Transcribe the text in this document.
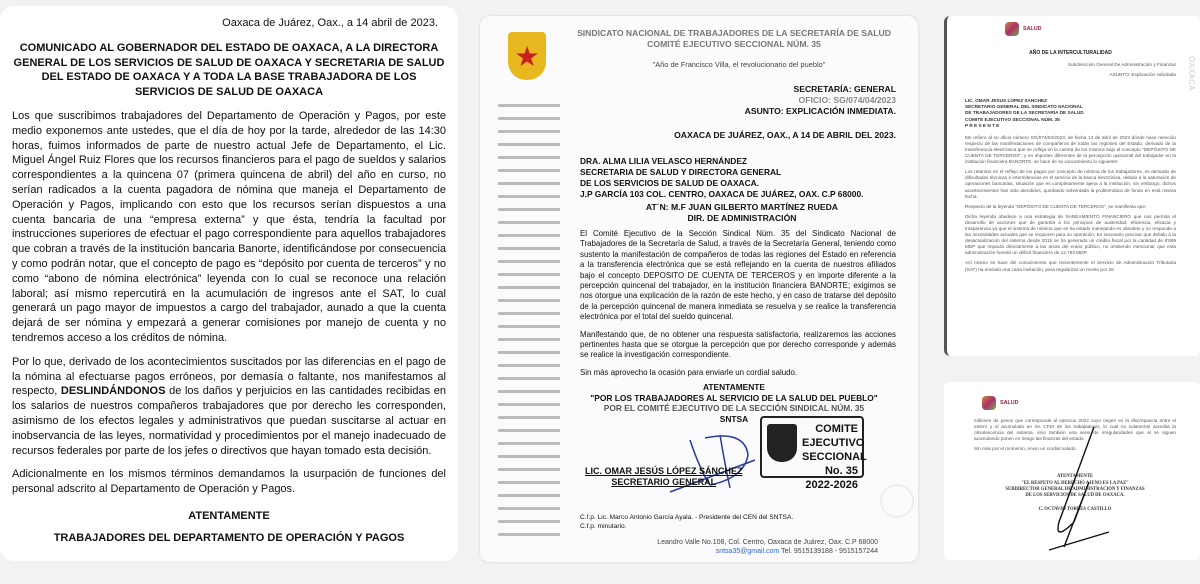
Oaxaca de Juárez, Oax., a 14 abril de 2023.
COMUNICADO AL GOBERNADOR DEL ESTADO DE OAXACA, A LA DIRECTORA GENERAL DE LOS SERVICIOS DE SALUD DE OAXACA Y SECRETARIA DE SALUD DEL ESTADO DE OAXACA Y A TODA LA BASE TRABAJADORA DE LOS SERVICIOS DE SALUD DE OAXACA

Los que suscribimos trabajadores del Departamento de Operación y Pagos, por este medio exponemos ante ustedes, que el día de hoy por la tarde, alrededor de las 14:30 horas, fuimos informados de parte de nuestro actual Jefe de Departamento, el Lic. Miguel Ángel Ruiz Flores que los recursos financieros para el pago de sueldos y salarios correspondientes a la quincena 07 (primera quincena de abril) del año en curso, no serían radicados a la cuenta pagadora de nómina que maneja el Departamento de Operación y Pagos, implicando con esto que los recursos serían dispuestos a una cuenta bancaria de una “empresa externa” y que ésta, tendría la facultad por instrucciones superiores de efectuar el pago correspondiente para aquellos trabajadores que cobran a través de la institución bancaria Banorte, identificándose por consecuencia y como podrán notar, que el concepto de pago es “depósito por cuenta de terceros” y no como “abono de nómina electrónica” leyenda con lo cual se reconoce una relación laboral; así mismo repercutirá en la acumulación de ingresos ante el SAT, lo cual generará un pago mayor de impuestos a cargo del trabajador, aunado a que la cuenta dejará de ser nómina y empezará a generar comisiones por manejo de cuenta y no tendremos acceso a los créditos de nómina.

Por lo que, derivado de los acontecimientos suscitados por las diferencias en el pago de la nómina al efectuarse pagos erróneos, por demasía o faltante, nos manifestamos al respecto, DESLINDÁNDONOS de los daños y perjuicios en las cantidades recibidas en los salarios de nuestros compañeros trabajadores que por derecho les corresponden, asimismo de los efectos legales y administrativos que puedan suscitarse al actuar en inobservancia de las leyes, normatividad y procedimientos por el manejo inadecuado de recursos federales por parte de los jefes o directivos que hayan tomado esta decisión.

Adicionalmente en los mismos términos demandamos la usurpación de funciones del personal adscrito al Departamento de Operación y Pagos.

ATENTAMENTE
TRABAJADORES DEL DEPARTAMENTO DE OPERACIÓN Y PAGOS
★
SINDICATO NACIONAL DE TRABAJADORES DE LA SECRETARÍA DE SALUD
COMITÉ EJECUTIVO SECCIONAL NÚM. 35
"Año de Francisco Villa, el revolucionario del pueblo"
SECRETARÍA: GENERAL
OFICIO: SG/074/04/2023
ASUNTO: EXPLICACIÓN INMEDIATA.
OAXACA DE JUÁREZ, OAX., A 14 DE ABRIL DEL 2023.
DRA. ALMA LILIA VELASCO HERNÁNDEZ
SECRETARIA DE SALUD Y DIRECTORA GENERAL
DE LOS SERVICIOS DE SALUD DE OAXACA.
J.P GARCÍA 103 COL. CENTRO, OAXACA DE JUÁREZ, OAX. C.P 68000.
AT´N: M.F JUAN GILBERTO MARTÍNEZ RUEDA
DIR. DE ADMINISTRACIÓN

El Comité Ejecutivo de la Sección Sindical Núm. 35 del Sindicato Nacional de Trabajadores de la Secretaría de Salud, a través de la Secretaría General, teniendo como sustento la manifestación de compañeros de todas las regiones del Estado en referencia a la transferencia electrónica que se está reflejando en la cuenta de nuestros afiliados bajo el concepto DEPOSITO DE CUENTA DE TERCEROS y en importe diferente a la percepción quincenal del trabajador, en la institución financiera BANORTE; exigimos se nos otorgue una explicación de la razón de este hecho, y en caso de tratarse del depósito de la percepción quincenal de manera inmediata se resuelva y se realice la transferencia electrónica por el total del sueldo quincenal.

Manifestando que, de no obtener una respuesta satisfactoria, realizaremos las acciones pertinentes hasta que se otorgue la percepción que por derecho corresponde y además se realice la investigación correspondiente.

Sin más aprovecho la ocasión para enviarle un cordial saludo.

ATENTAMENTE
"POR LOS TRABAJADORES AL SERVICIO DE LA SALUD DEL PUEBLO"
POR EL COMITÉ EJECUTIVO DE LA SECCIÓN SINDICAL NÚM. 35
SNTSA
C.f.p. Lic. Marco Antonio García Ayala. - Presidente del CEN del SNTSA.
C.f.p. minutario.
Leandro Valle No.108, Col. Centro, Oaxaca de Juárez, Oax. C.P 68000
sntsa35@gmail.com Tel. 9515139188 - 9515157244
COMITE EJECUTIVO
SECCIONAL No. 35
2022-2026
LIC. OMAR JESÚS LÓPEZ SÁNCHEZ
SECRETARIO GENERAL
SALUD
OAXACA
AÑO DE LA INTERCULTURALIDAD
Subdirección General De Administración y Finanzas
ASUNTO: Explicación solicitada
LIC. OMAR JESUS LOPEZ SANCHEZ
SECRETARIO GENERAL DEL SINDICATO NACIONAL
DE TRABAJADORES DE LA SECRETARÍA DE SALUD
COMITÉ EJECUTIVO SECCIONAL NÚM. 35
P R E S E N T E

Me refiero al su oficio número SG/074/04/2023, de fecha 14 de abril de 2023 dónde hace mención respecto de las manifestaciones de compañeros de todas las regiones del Estado, derivado de la transferencia electrónica que se refleja en la cuenta de los mismos bajo el concepto "DEPÓSITO DE CUENTA DE TERCEROS", y en importes diferentes de la percepción quincenal del trabajador en la institución financiera BANORTE, se hace de su conocimiento lo siguiente:

Los retardos en el reflejo de los pagos por concepto de nómina de los trabajadores, es derivado de dificultades técnicas e intermitencias en el servicio de la banca electrónica, debido a la saturación de operaciones bancarias, situación que es completamente ajena a la institución, sin embargo, dichos acontecimientos han sido atendidos, quedando solventada la problemática de fondo en está misma fecha.

Respecto de la leyenda "DEPÓSITO DE CUENTA DE TERCEROS", se manifiesta que:

Dicha leyenda obedece a una estrategia de SANEAMIENTO FINANCIERO que nos permita el desarrollo de acciones que de garantía a los principios de austeridad, eficiencia, eficacia y trasparencia ya que el sistema de nómina que se ha estado manejando es obsoleto y no responde a las necesidades actuales que se requieren para su operación. Es necesario precisar que debido a la desactualización del sistema desde 2015 se ha generado un crédito fiscal por la cantidad de 8'899 MDP que impacta directamente a las arcas del erario público, no omitiendo mencionar que esta administración heredó un déficit financiero de 12,793 MDP.

Así mismo se hace del conocimiento que recientemente el Servicio de Administración Tributaria (SAT) ha enviado una carta invitación, para regularizar un monto por 26

SALUD

millones de pesos que corresponde al ejercicio 2022 cuyo origen es la discrepancia entre el entero y el acumulado en los CFDI de los trabajadores, lo cual no solamente acredita la obsolescencia del sistema, sino también una serie de irregularidades que al se siguen acumulando ponen en riesgo las finanzas del estado.

Sin más por el momento, envío un cordial saludo.

ATENTAMENTE
"EL RESPETO AL DERECHO AJENO ES LA PAZ"
SUBDIRECTOR GENERAL DE ADMINISTRACIÓN Y FINANZAS
DE LOS SERVICIOS DE SALUD DE OAXACA.
C. OCTAVIO TORRES CASTILLO
